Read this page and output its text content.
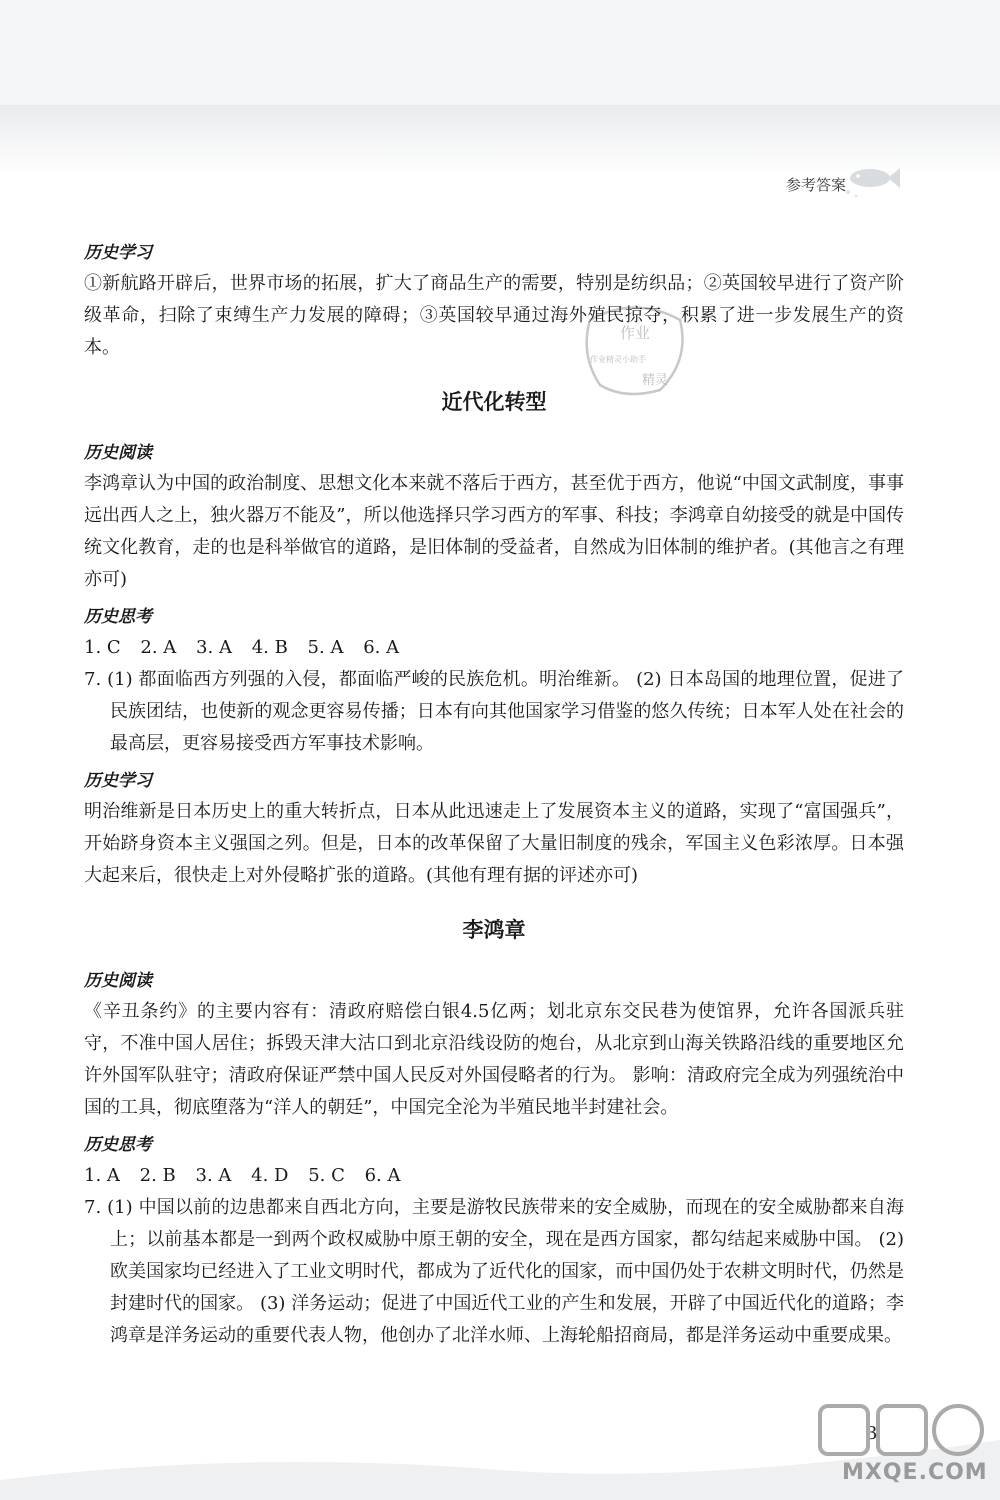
参考答案
作业
作业精灵小助手
精灵
历史学习
①新航路开辟后，世界市场的拓展，扩大了商品生产的需要，特别是纺织品；②英国较早进行了资产阶级革命，扫除了束缚生产力发展的障碍；③英国较早通过海外殖民掠夺，积累了进一步发展生产的资本。
近代化转型
历史阅读
李鸿章认为中国的政治制度、思想文化本来就不落后于西方，甚至优于西方，他说“中国文武制度，事事远出西人之上，独火器万不能及”，所以他选择只学习西方的军事、科技；李鸿章自幼接受的就是中国传统文化教育，走的也是科举做官的道路，是旧体制的受益者，自然成为旧体制的维护者。(其他言之有理亦可)
历史思考
1. C 2. A 3. A 4. B 5. A 6. A
7. (1) 都面临西方列强的入侵，都面临严峻的民族危机。明治维新。 (2) 日本岛国的地理位置，促进了民族团结，也使新的观念更容易传播；日本有向其他国家学习借鉴的悠久传统；日本军人处在社会的最高层，更容易接受西方军事技术影响。
历史学习
明治维新是日本历史上的重大转折点，日本从此迅速走上了发展资本主义的道路，实现了“富国强兵”，开始跻身资本主义强国之列。但是，日本的改革保留了大量旧制度的残余，军国主义色彩浓厚。日本强大起来后，很快走上对外侵略扩张的道路。(其他有理有据的评述亦可)
李鸿章
历史阅读
《辛丑条约》的主要内容有：清政府赔偿白银4.5亿两；划北京东交民巷为使馆界，允许各国派兵驻守，不准中国人居住；拆毁天津大沽口到北京沿线设防的炮台，从北京到山海关铁路沿线的重要地区允许外国军队驻守；清政府保证严禁中国人民反对外国侵略者的行为。 影响：清政府完全成为列强统治中国的工具，彻底堕落为“洋人的朝廷”，中国完全沦为半殖民地半封建社会。
历史思考
1. A 2. B 3. A 4. D 5. C 6. A
7. (1) 中国以前的边患都来自西北方向，主要是游牧民族带来的安全威胁，而现在的安全威胁都来自海上；以前基本都是一到两个政权威胁中原王朝的安全，现在是西方国家，都勾结起来威胁中国。 (2) 欧美国家均已经进入了工业文明时代，都成为了近代化的国家，而中国仍处于农耕文明时代，仍然是封建时代的国家。 (3) 洋务运动；促进了中国近代工业的产生和发展，开辟了中国近代化的道路；李鸿章是洋务运动的重要代表人物，他创办了北洋水师、上海轮船招商局，都是洋务运动中重要成果。
3
MXQE.COM
